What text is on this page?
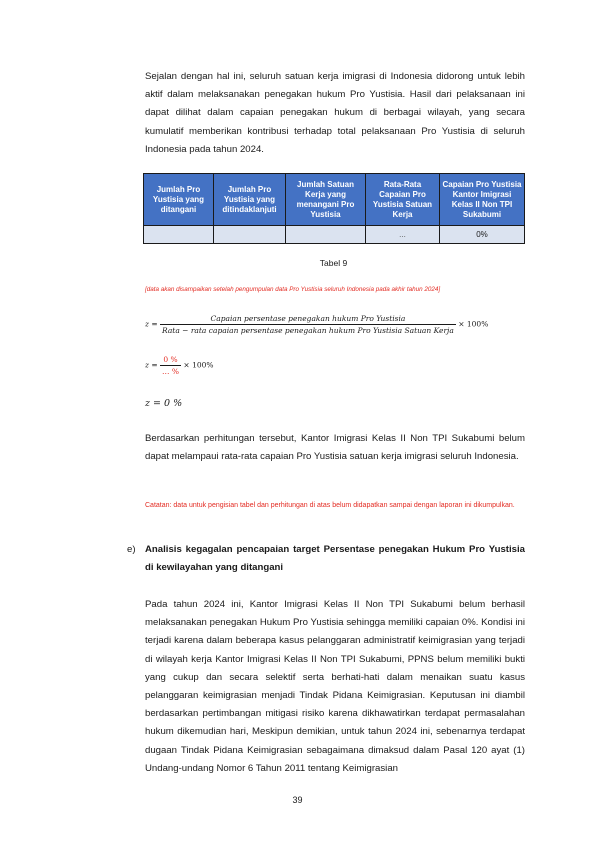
Sejalan dengan hal ini, seluruh satuan kerja imigrasi di Indonesia didorong untuk lebih aktif dalam melaksanakan penegakan hukum Pro Yustisia. Hasil dari pelaksanaan ini dapat dilihat dalam capaian penegakan hukum di berbagai wilayah, yang secara kumulatif memberikan kontribusi terhadap total pelaksanaan Pro Yustisia di seluruh Indonesia pada tahun 2024.

Jumlah Pro Yustisia yang ditangani	Jumlah Pro Yustisia yang ditindaklanjuti	Jumlah Satuan Kerja yang menangani Pro Yustisia	Rata-Rata Capaian Pro Yustisia Satuan Kerja	Capaian Pro Yustisia Kantor Imigrasi Kelas II Non TPI Sukabumi
			...	0%
Tabel 9

[data akan disampaikan setelah pengumpulan data Pro Yustisia seluruh Indonesia pada akhir tahun 2024]

z =
Capaian persentase penegakan hukum Pro Yustisia
Rata − rata capaian persentase penegakan hukum Pro Yustisia Satuan Kerja
× 100%
$z = \frac{0 \%}{\dots \%} \times 100\%$
z = 0 %

Berdasarkan perhitungan tersebut, Kantor Imigrasi Kelas II Non TPI Sukabumi belum dapat melampaui rata-rata capaian Pro Yustisia satuan kerja imigrasi seluruh Indonesia.

Catatan: data untuk pengisian tabel dan perhitungan di atas belum didapatkan sampai dengan laporan ini dikumpulkan.

e) Analisis kegagalan pencapaian target Persentase penegakan Hukum Pro Yustisia di kewilayahan yang ditangani

Pada tahun 2024 ini, Kantor Imigrasi Kelas II Non TPI Sukabumi belum berhasil melaksanakan penegakan Hukum Pro Yustisia sehingga memiliki capaian 0%. Kondisi ini terjadi karena dalam beberapa kasus pelanggaran administratif keimigrasian yang terjadi di wilayah kerja Kantor Imigrasi Kelas II Non TPI Sukabumi, PPNS belum memiliki bukti yang cukup dan secara selektif serta berhati-hati dalam menaikan suatu kasus pelanggaran keimigrasian menjadi Tindak Pidana Keimigrasian. Keputusan ini diambil berdasarkan pertimbangan mitigasi risiko karena dikhawatirkan terdapat permasalahan hukum dikemudian hari, Meskipun demikian, untuk tahun 2024 ini, sebenarnya terdapat dugaan Tindak Pidana Keimigrasian sebagaimana dimaksud dalam Pasal 120 ayat (1) Undang-undang Nomor 6 Tahun 2011 tentang Keimigrasian

39
